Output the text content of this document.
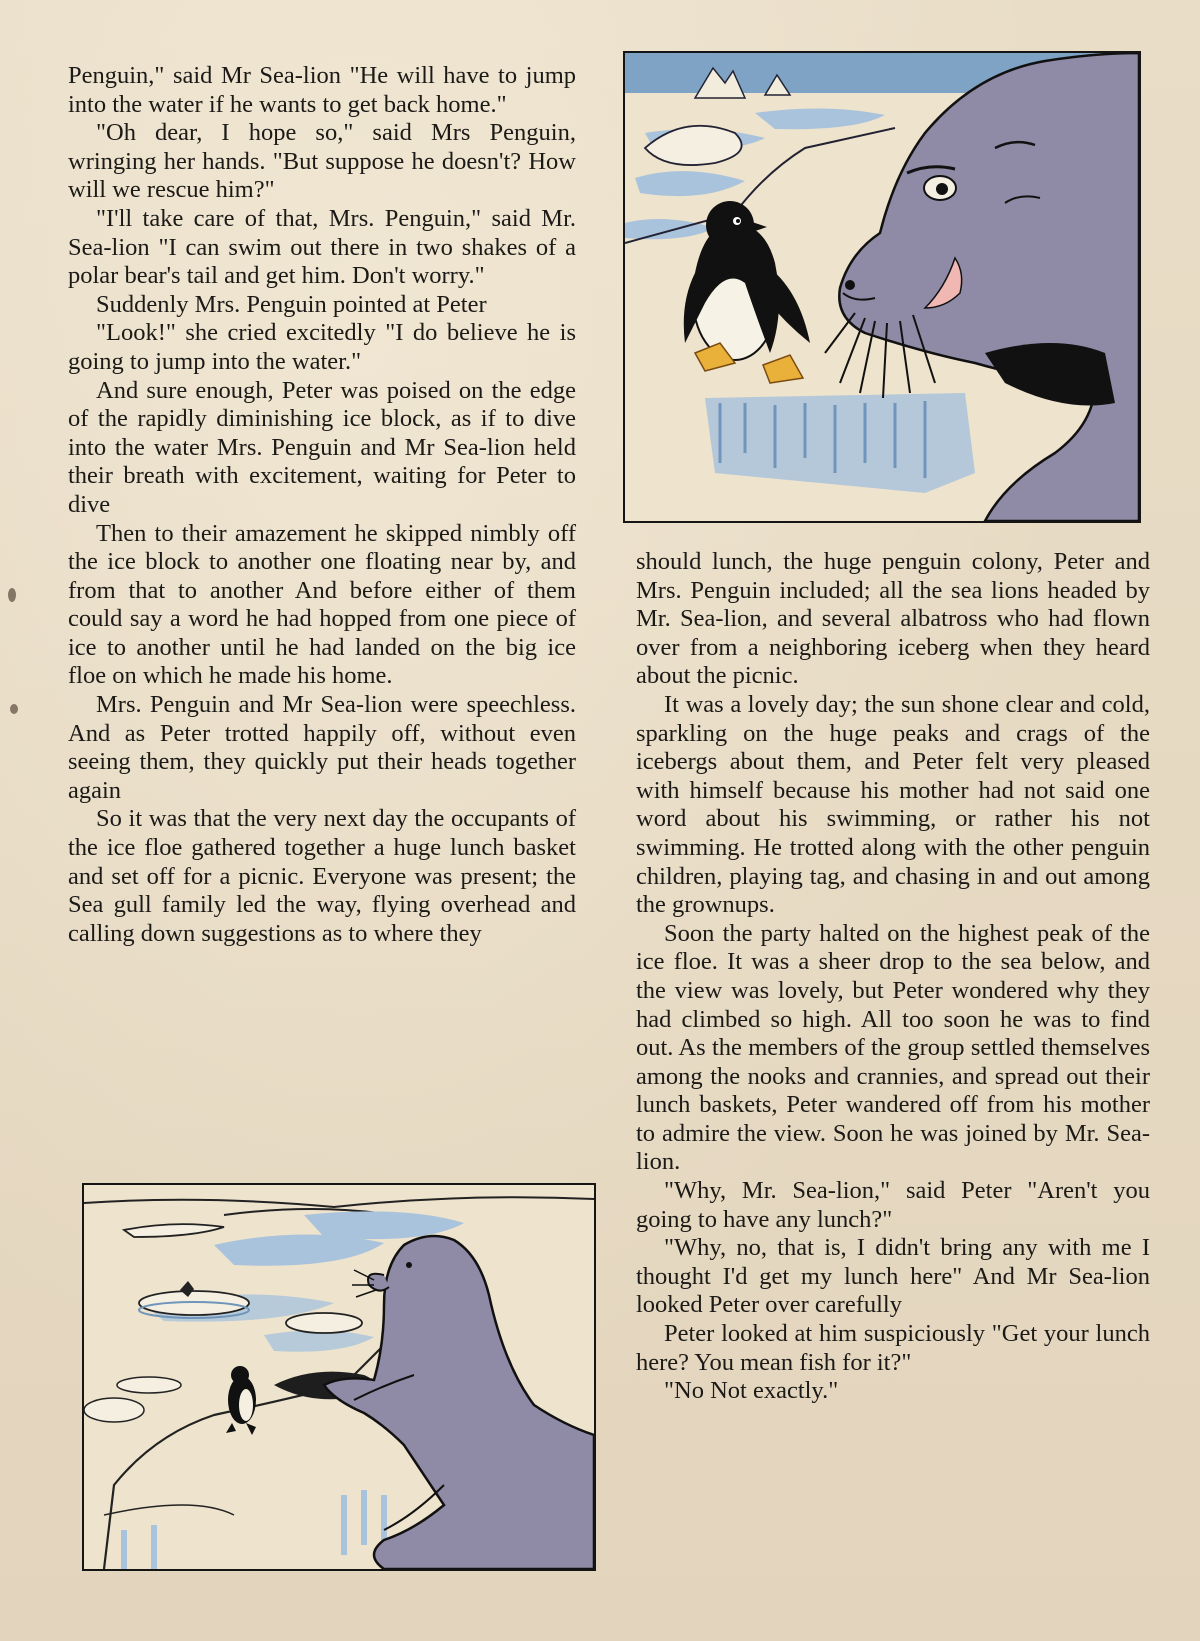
Penguin," said Mr Sea-lion "He will have to jump into the water if he wants to get back home."

"Oh dear, I hope so," said Mrs Penguin, wringing her hands. "But suppose he doesn't? How will we rescue him?"

"I'll take care of that, Mrs. Penguin," said Mr. Sea-lion "I can swim out there in two shakes of a polar bear's tail and get him. Don't worry."

Suddenly Mrs. Penguin pointed at Peter

"Look!" she cried excitedly "I do believe he is going to jump into the water."

And sure enough, Peter was poised on the edge of the rapidly diminishing ice block, as if to dive into the water Mrs. Penguin and Mr Sea-lion held their breath with excitement, waiting for Peter to dive

Then to their amazement he skipped nimbly off the ice block to another one floating near by, and from that to another And before either of them could say a word he had hopped from one piece of ice to another until he had landed on the big ice floe on which he made his home.

Mrs. Penguin and Mr Sea-lion were speechless. And as Peter trotted happily off, without even seeing them, they quickly put their heads together again

So it was that the very next day the occupants of the ice floe gathered together a huge lunch basket and set off for a picnic. Everyone was present; the Sea gull family led the way, flying overhead and calling down suggestions as to where they

should lunch, the huge penguin colony, Peter and Mrs. Penguin included; all the sea lions headed by Mr. Sea-lion, and several albatross who had flown over from a neighboring iceberg when they heard about the picnic.

It was a lovely day; the sun shone clear and cold, sparkling on the huge peaks and crags of the icebergs about them, and Peter felt very pleased with himself because his mother had not said one word about his swimming, or rather his not swimming. He trotted along with the other penguin children, playing tag, and chasing in and out among the grownups.

Soon the party halted on the highest peak of the ice floe. It was a sheer drop to the sea below, and the view was lovely, but Peter wondered why they had climbed so high. All too soon he was to find out. As the members of the group settled themselves among the nooks and crannies, and spread out their lunch baskets, Peter wandered off from his mother to admire the view. Soon he was joined by Mr. Sea-lion.

"Why, Mr. Sea-lion," said Peter "Aren't you going to have any lunch?"

"Why, no, that is, I didn't bring any with me I thought I'd get my lunch here" And Mr Sea-lion looked Peter over carefully

Peter looked at him suspiciously "Get your lunch here? You mean fish for it?"

"No Not exactly."
